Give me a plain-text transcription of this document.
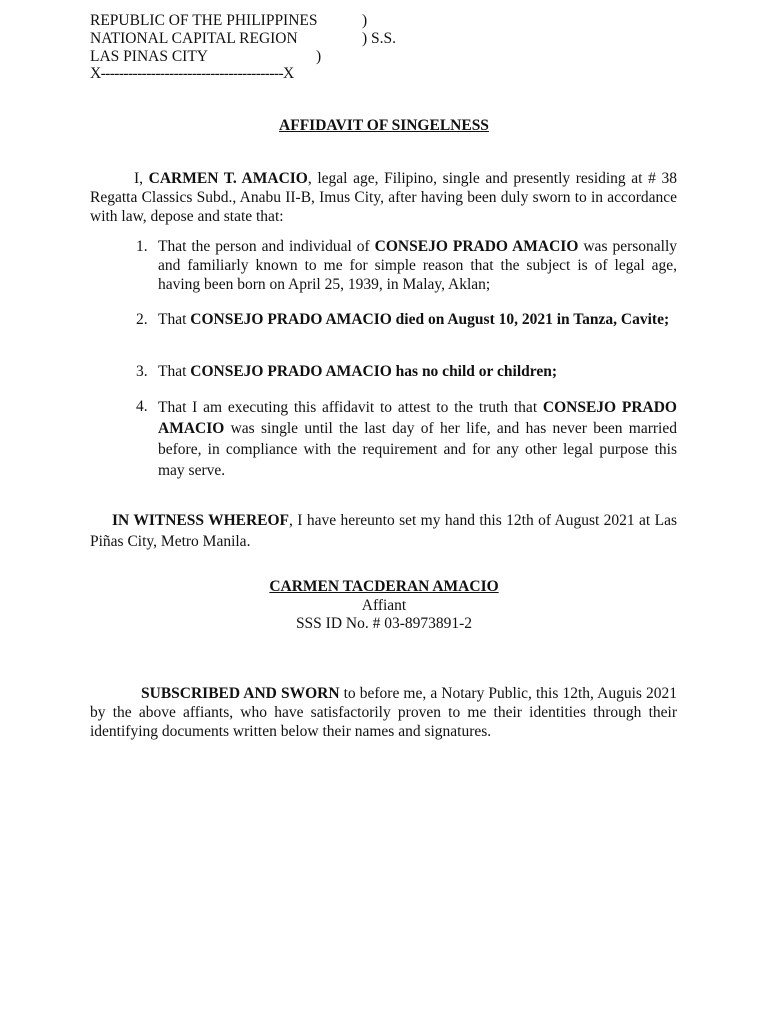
REPUBLIC OF THE PHILIPPINES	)
NATIONAL CAPITAL REGION	) S.S.
LAS PINAS CITY	)
X----------------------------------------X
AFFIDAVIT OF SINGELNESS
I, CARMEN T. AMACIO, legal age, Filipino, single and presently residing at # 38 Regatta Classics Subd., Anabu II-B, Imus City, after having been duly sworn to in accordance with law, depose and state that:
1. That the person and individual of CONSEJO PRADO AMACIO was personally and familiarly known to me for simple reason that the subject is of legal age, having been born on April 25, 1939, in Malay, Aklan;
2. That CONSEJO PRADO AMACIO died on August 10, 2021 in Tanza, Cavite;
3. That CONSEJO PRADO AMACIO has no child or children;
4. That I am executing this affidavit to attest to the truth that CONSEJO PRADO AMACIO was single until the last day of her life, and has never been married before, in compliance with the requirement and for any other legal purpose this may serve.
IN WITNESS WHEREOF, I have hereunto set my hand this 12th of August 2021 at Las Piñas City, Metro Manila.
CARMEN TACDERAN AMACIO
Affiant
SSS ID No. # 03-8973891-2
SUBSCRIBED AND SWORN to before me, a Notary Public, this 12th, Auguis 2021 by the above affiants, who have satisfactorily proven to me their identities through their identifying documents written below their names and signatures.
